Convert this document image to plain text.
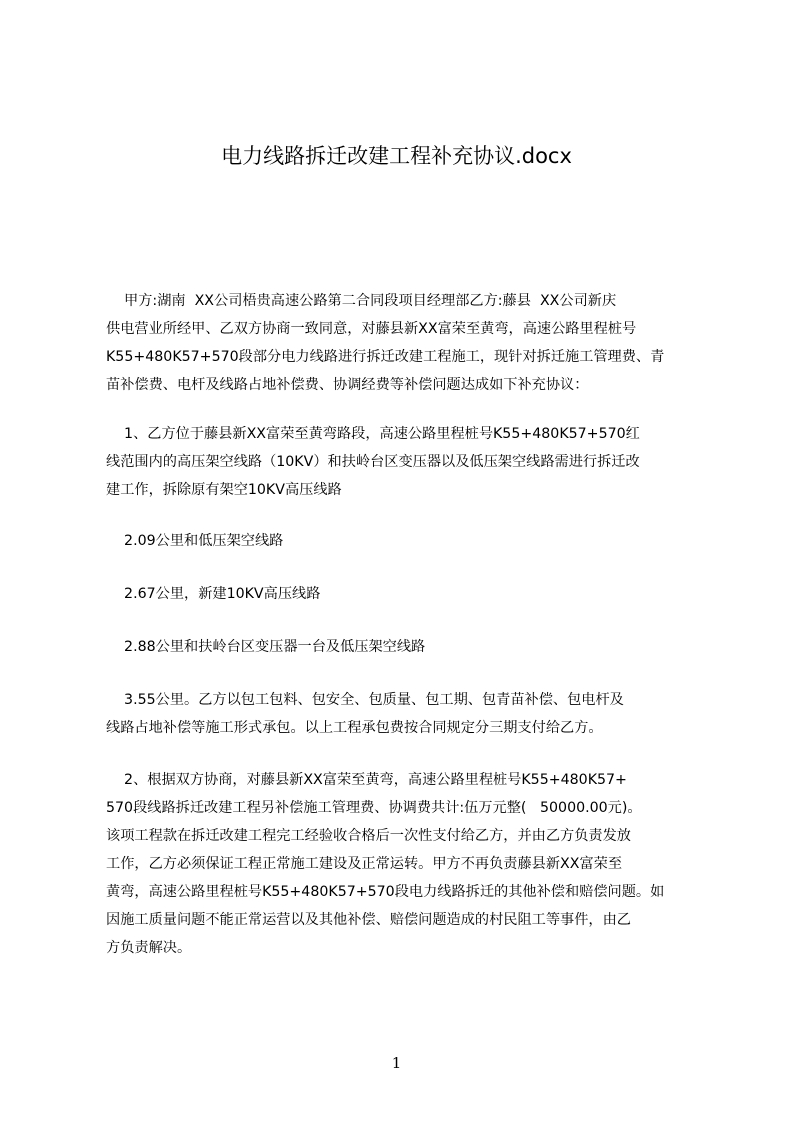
电力线路拆迁改建工程补充协议.docx
甲方:湖南  XX公司梧贵高速公路第二合同段项目经理部乙方:藤县  XX公司新庆
供电营业所经甲、乙双方协商一致同意，对藤县新XX富荣至黄弯，高速公路里程桩号
K55+480K57+570段部分电力线路进行拆迁改建工程施工，现针对拆迁施工管理费、青
苗补偿费、电杆及线路占地补偿费、协调经费等补偿问题达成如下补充协议：
1、乙方位于藤县新XX富荣至黄弯路段，高速公路里程桩号K55+480K57+570红
线范围内的高压架空线路（10KV）和扶岭台区变压器以及低压架空线路需进行拆迁改
建工作，拆除原有架空10KV高压线路
2.09公里和低压架空线路
2.67公里，新建10KV高压线路
2.88公里和扶岭台区变压器一台及低压架空线路
3.55公里。乙方以包工包料、包安全、包质量、包工期、包青苗补偿、包电杆及
线路占地补偿等施工形式承包。以上工程承包费按合同规定分三期支付给乙方。
2、根据双方协商，对藤县新XX富荣至黄弯，高速公路里程桩号K55+480K57+
570段线路拆迁改建工程另补偿施工管理费、协调费共计:伍万元整(   50000.00元)。
该项工程款在拆迁改建工程完工经验收合格后一次性支付给乙方，并由乙方负责发放
工作，乙方必须保证工程正常施工建设及正常运转。甲方不再负责藤县新XX富荣至
黄弯，高速公路里程桩号K55+480K57+570段电力线路拆迁的其他补偿和赔偿问题。如
因施工质量问题不能正常运营以及其他补偿、赔偿问题造成的村民阻工等事件，由乙
方负责解决。
1
